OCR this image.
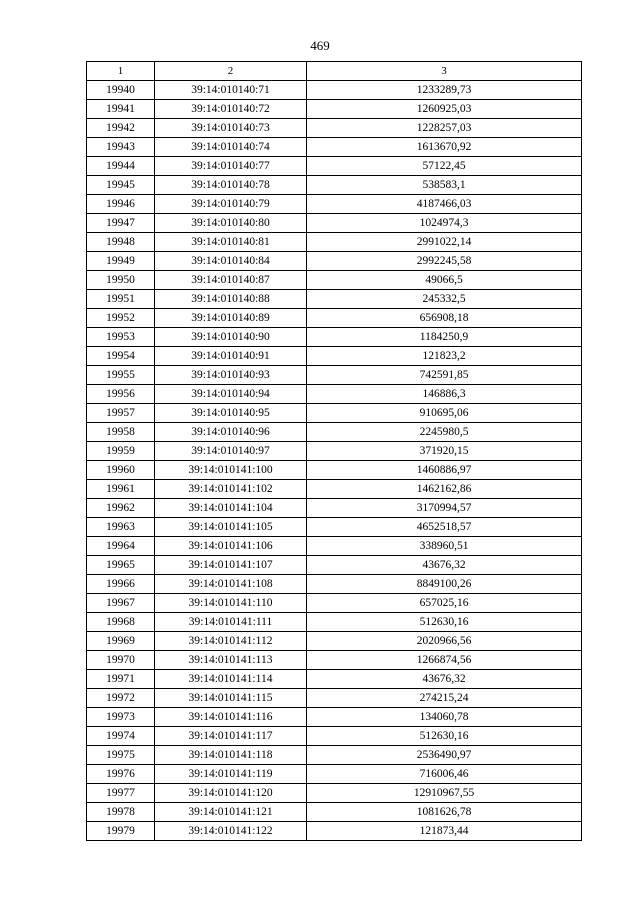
469
1	2	3
19940	39:14:010140:71	1233289,73
19941	39:14:010140:72	1260925,03
19942	39:14:010140:73	1228257,03
19943	39:14:010140:74	1613670,92
19944	39:14:010140:77	57122,45
19945	39:14:010140:78	538583,1
19946	39:14:010140:79	4187466,03
19947	39:14:010140:80	1024974,3
19948	39:14:010140:81	2991022,14
19949	39:14:010140:84	2992245,58
19950	39:14:010140:87	49066,5
19951	39:14:010140:88	245332,5
19952	39:14:010140:89	656908,18
19953	39:14:010140:90	1184250,9
19954	39:14:010140:91	121823,2
19955	39:14:010140:93	742591,85
19956	39:14:010140:94	146886,3
19957	39:14:010140:95	910695,06
19958	39:14:010140:96	2245980,5
19959	39:14:010140:97	371920,15
19960	39:14:010141:100	1460886,97
19961	39:14:010141:102	1462162,86
19962	39:14:010141:104	3170994,57
19963	39:14:010141:105	4652518,57
19964	39:14:010141:106	338960,51
19965	39:14:010141:107	43676,32
19966	39:14:010141:108	8849100,26
19967	39:14:010141:110	657025,16
19968	39:14:010141:111	512630,16
19969	39:14:010141:112	2020966,56
19970	39:14:010141:113	1266874,56
19971	39:14:010141:114	43676,32
19972	39:14:010141:115	274215,24
19973	39:14:010141:116	134060,78
19974	39:14:010141:117	512630,16
19975	39:14:010141:118	2536490,97
19976	39:14:010141:119	716006,46
19977	39:14:010141:120	12910967,55
19978	39:14:010141:121	1081626,78
19979	39:14:010141:122	121873,44
